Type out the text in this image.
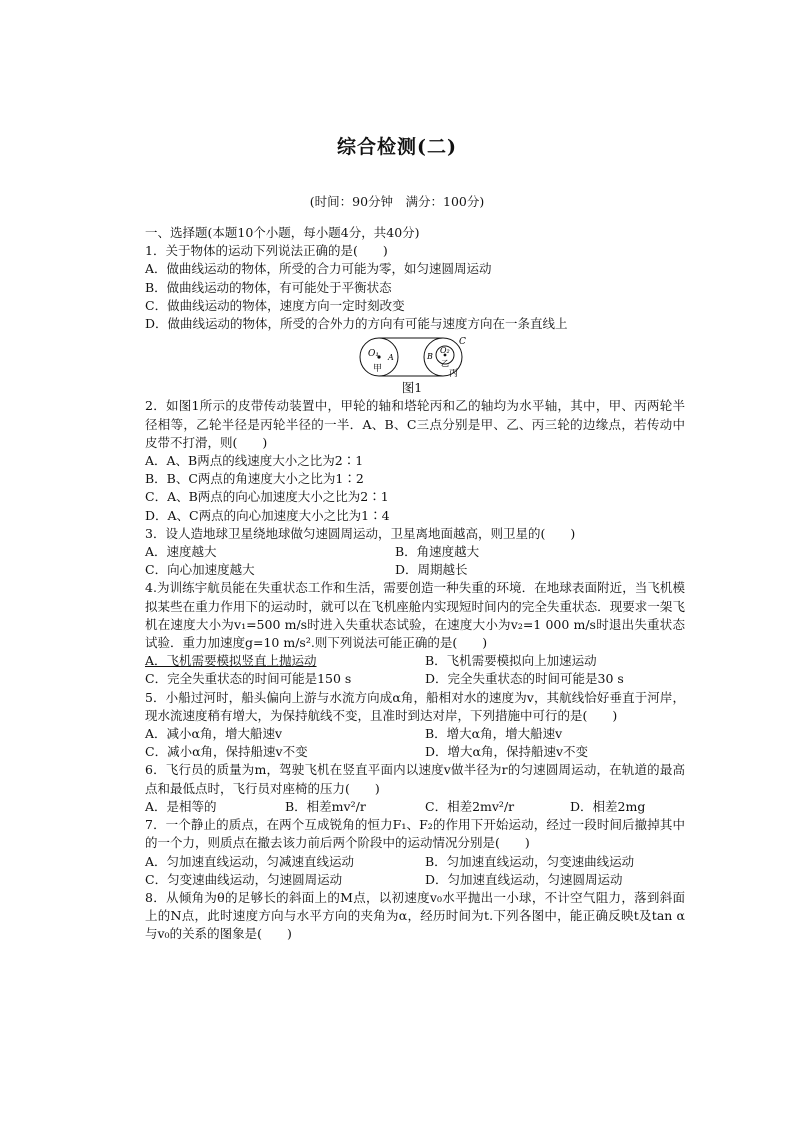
综合检测(二)
(时间：90分钟　满分：100分)
一、选择题(本题10个小题，每小题4分，共40分)
1．关于物体的运动下列说法正确的是(　　)
A．做曲线运动的物体，所受的合力可能为零，如匀速圆周运动
B．做曲线运动的物体，有可能处于平衡状态
C．做曲线运动的物体，速度方向一定时刻改变
D．做曲线运动的物体，所受的合外力的方向有可能与速度方向在一条直线上
O₁ A	B
O₂
C
甲
乙
丙
图1
2．如图1所示的皮带传动装置中，甲轮的轴和塔轮丙和乙的轴均为水平轴，其中，甲、丙两轮半径相等，乙轮半径是丙轮半径的一半．A、B、C三点分别是甲、乙、丙三轮的边缘点，若传动中皮带不打滑，则(　　)
A．A、B两点的线速度大小之比为2∶1
B．B、C两点的角速度大小之比为1∶2
C．A、B两点的向心加速度大小之比为2∶1
D．A、C两点的向心加速度大小之比为1∶4
3．设人造地球卫星绕地球做匀速圆周运动，卫星离地面越高，则卫星的(　　)
A．速度越大	B．角速度越大
C．向心加速度越大	D．周期越长
4.为训练宇航员能在失重状态工作和生活，需要创造一种失重的环境．在地球表面附近，当飞机模拟某些在重力作用下的运动时，就可以在飞机座舱内实现短时间内的完全失重状态．现要求一架飞机在速度大小为v₁=500 m/s时进入失重状态试验，在速度大小为v₂=1 000 m/s时退出失重状态试验．重力加速度g=10 m/s².则下列说法可能正确的是(　　)
A．飞机需要模拟竖直上抛运动	B．飞机需要模拟向上加速运动
C．完全失重状态的时间可能是150 s	D．完全失重状态的时间可能是30 s
5．小船过河时，船头偏向上游与水流方向成α角，船相对水的速度为v，其航线恰好垂直于河岸，现水流速度稍有增大，为保持航线不变，且准时到达对岸，下列措施中可行的是(　　)
A．减小α角，增大船速v	B．增大α角，增大船速v
C．减小α角，保持船速v不变	D．增大α角，保持船速v不变
6．飞行员的质量为m，驾驶飞机在竖直平面内以速度v做半径为r的匀速圆周运动，在轨道的最高点和最低点时，飞行员对座椅的压力(　　)
A．是相等的	B．相差mv²/r	C．相差2mv²/r	D．相差2mg
7．一个静止的质点，在两个互成锐角的恒力F₁、F₂的作用下开始运动，经过一段时间后撤掉其中的一个力，则质点在撤去该力前后两个阶段中的运动情况分别是(　　)
A．匀加速直线运动，匀减速直线运动	B．匀加速直线运动，匀变速曲线运动
C．匀变速曲线运动，匀速圆周运动	D．匀加速直线运动，匀速圆周运动
8．从倾角为θ的足够长的斜面上的M点，以初速度v₀水平抛出一小球，不计空气阻力，落到斜面上的N点，此时速度方向与水平方向的夹角为α，经历时间为t.下列各图中，能正确反映t及tan α与v₀的关系的图象是(　　)
